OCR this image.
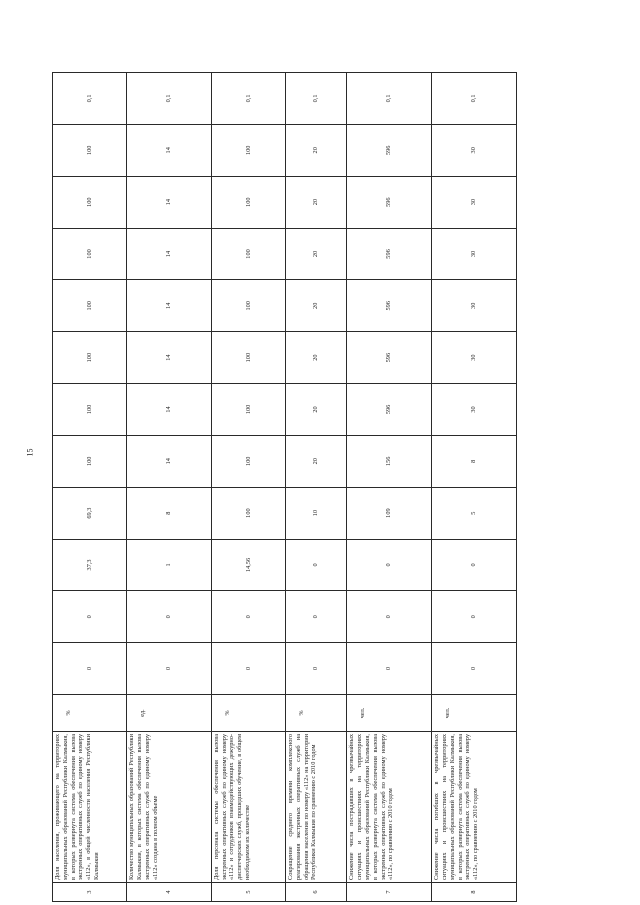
15
3	Доля населения, проживающего на территориях муниципальных образований Республики Калмыкия, в которых развернута система обеспечения вызова экстренных оперативных служб по единому номеру «112», в общей численности населения Республики Калмыкия	%	0	0	37,3	69,3	100	100	100	100	100	100	100	0,1
4	Количество муниципальных образований Республики Калмыкия, в которых система обеспечения вызова экстренных оперативных служб по единому номеру «112» создана в полном объеме	ед.	0	0	1	8	14	14	14	14	14	14	14	0,1
5	Доля персонала системы обеспечения вызова экстренных оперативных служб по единому номеру «112» и сотрудников взаимодействующих дежурно-диспетчерских служб, прошедших обучение, в общем необходимом их количестве	%	0	0	14,56	100	100	100	100	100	100	100	100	0,1
6	Сокращение среднего времени комплексного реагирования экстренных оперативных служб на обращения населения по номеру «112» на территории Республики Калмыкия по сравнению с 2010 годом	%	0	0	0	10	20	20	20	20	20	20	20	0,1
7	Снижение числа пострадавших в чрезвычайных ситуациях и происшествиях на территориях муниципальных образований Республики Калмыкия, в которых развернута система обеспечения вызова экстренных оперативных служб по единому номеру «112», по сравнению с 2010 годом	чел.	0	0	0	109	156	596	596	596	596	596	596	0,1
8	Снижение числа погибших в чрезвычайных ситуациях и происшествиях на территориях муниципальных образований Республики Калмыкия, в которых развернута система обеспечения вызова экстренных оперативных служб по единому номеру «112», по сравнению с 2010 годом	чел.	0	0	0	5	8	30	30	30	30	30	30	0,1
